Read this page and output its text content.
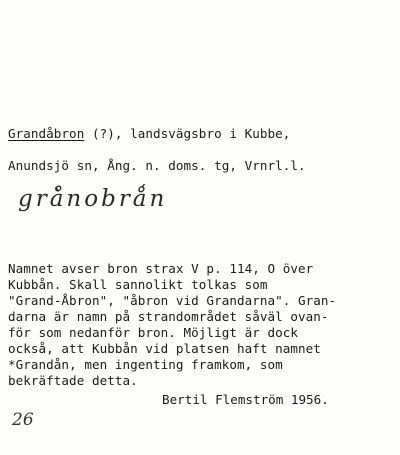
Grandåbron (?), landsvägsbro i Kubbe,
Anundsjö sn, Ång. n. doms. tg, Vrnrl.l.
grå̀nobrǻn
Namnet avser bron strax V p. 114, O över
Kubbån. Skall sannolikt tolkas som
"Grand-Åbron", "åbron vid Grandarna". Gran-
darna är namn på strandområdet såväl ovan-
för som nedanför bron. Möjligt är dock
också, att Kubbån vid platsen haft namnet
*Grandån, men ingenting framkom, som
bekräftade detta.
Bertil Flemström 1956.
26
